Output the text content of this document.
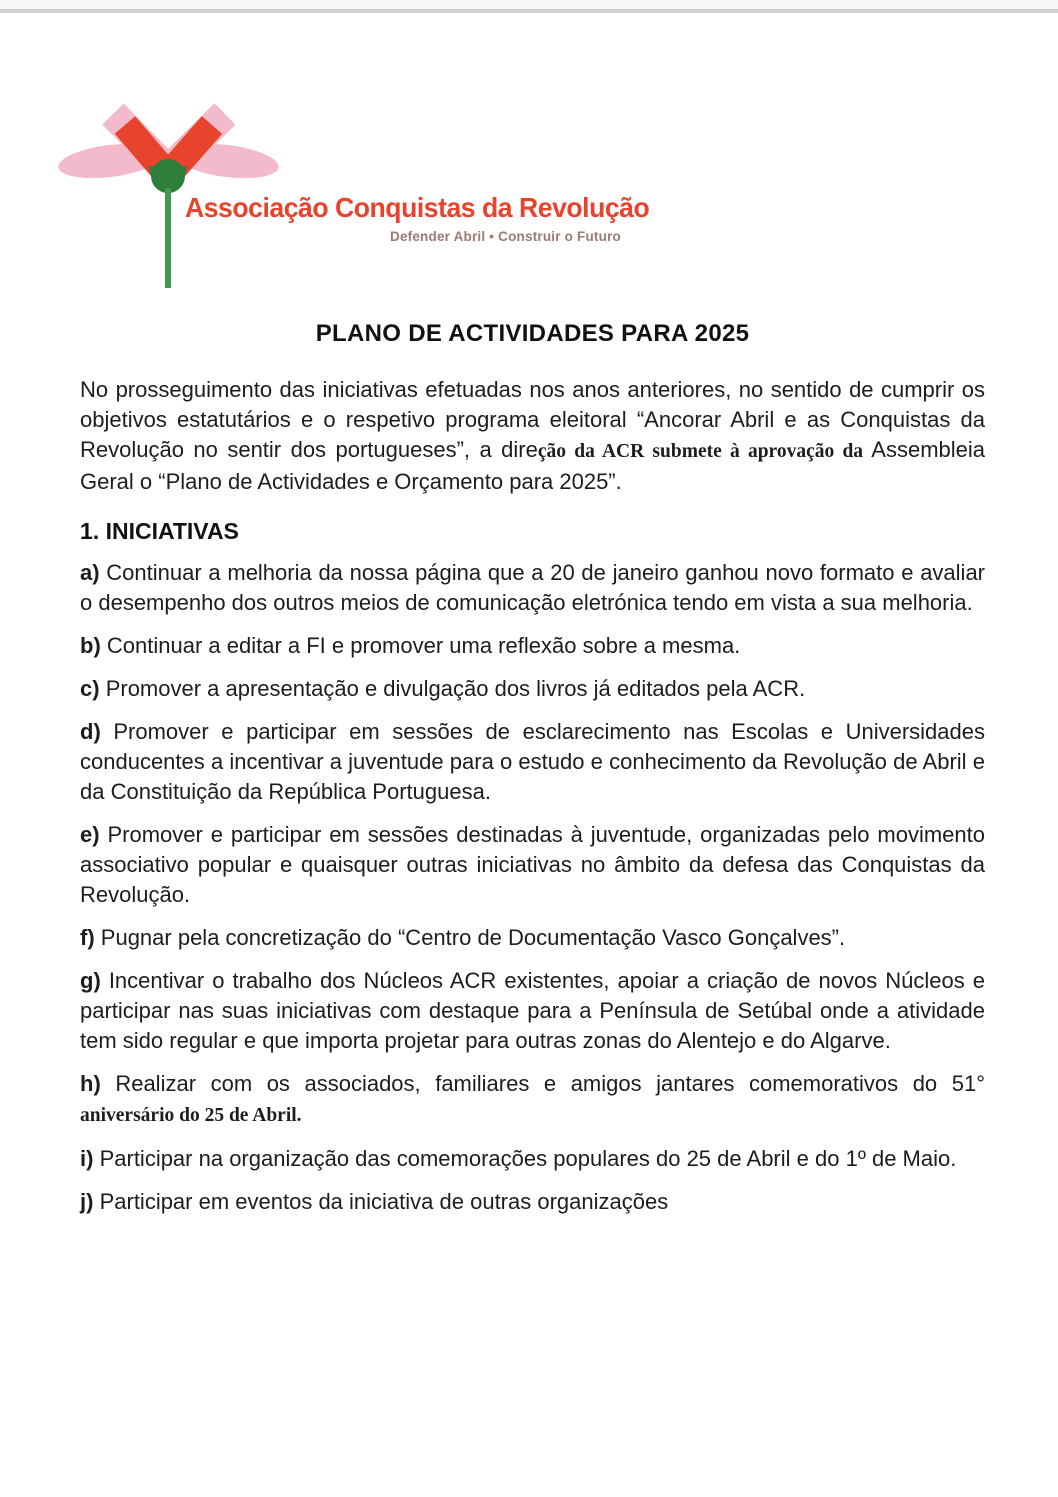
Associação Conquistas da Revolução
Defender Abril • Construir o Futuro
PLANO DE ACTIVIDADES PARA 2025

No prosseguimento das iniciativas efetuadas nos anos anteriores, no sentido de cumprir os objetivos estatutários e o respetivo programa eleitoral “Ancorar Abril e as Conquistas da Revolução no sentir dos portugueses”, a direção da ACR submete à aprovação da Assembleia Geral o “Plano de Actividades e Orçamento para 2025”.

1. INICIATIVAS

a) Continuar a melhoria da nossa página que a 20 de janeiro ganhou novo formato e avaliar o desempenho dos outros meios de comunicação eletrónica tendo em vista a sua melhoria.

b) Continuar a editar a FI e promover uma reflexão sobre a mesma.

c) Promover a apresentação e divulgação dos livros já editados pela ACR.

d) Promover e participar em sessões de esclarecimento nas Escolas e Universidades conducentes a incentivar a juventude para o estudo e conhecimento da Revolução de Abril e da Constituição da República Portuguesa.

e) Promover e participar em sessões destinadas à juventude, organizadas pelo movimento associativo popular e quaisquer outras iniciativas no âmbito da defesa das Conquistas da Revolução.

f) Pugnar pela concretização do “Centro de Documentação Vasco Gonçalves”.

g) Incentivar o trabalho dos Núcleos ACR existentes, apoiar a criação de novos Núcleos e participar nas suas iniciativas com destaque para a Península de Setúbal onde a atividade tem sido regular e que importa projetar para outras zonas do Alentejo e do Algarve.

h) Realizar com os associados, familiares e amigos jantares comemorativos do 51° aniversário do 25 de Abril.

i) Participar na organização das comemorações populares do 25 de Abril e do 1º de Maio.

j) Participar em eventos da iniciativa de outras organizações
